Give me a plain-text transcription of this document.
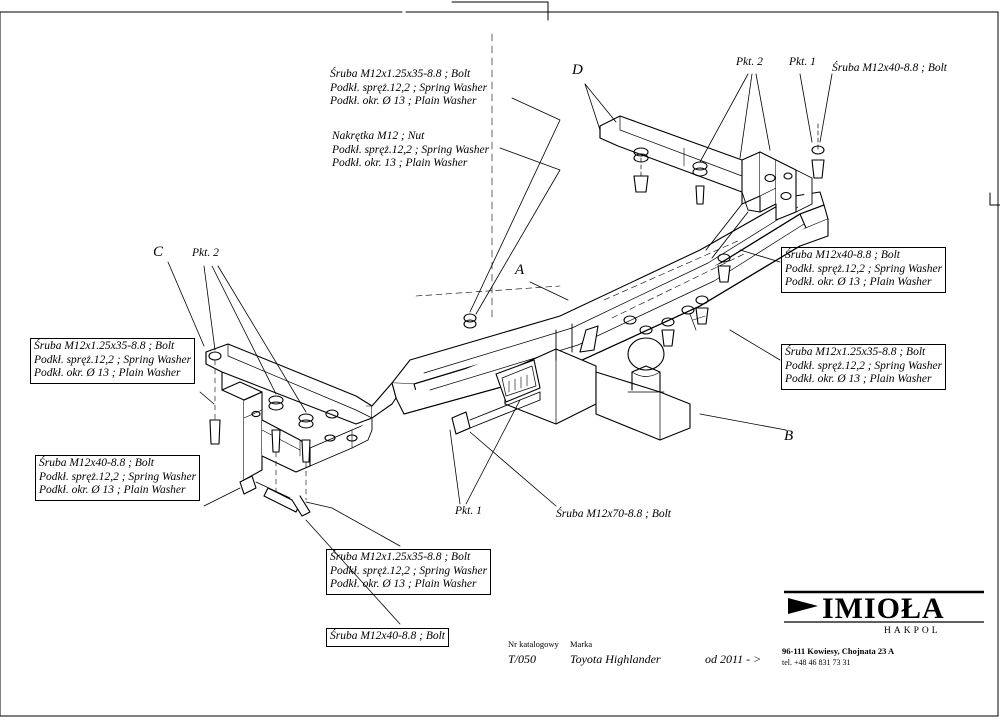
A
B
C
D	Pkt. 2 Pkt. 1
Pkt. 2
Pkt. 1
Śruba M12x1.25x35-8.8 ; Bolt
Podkł. spręż.12,2 ; Spring Washer
Podkł. okr. Ø 13 ; Plain Washer
Nakrętka M12 ; Nut
Podkł. spręż.12,2 ; Spring Washer
Podkł. okr. 13 ; Plain Washer
Śruba M12x40-8.8 ; Bolt
Śruba M12x40-8.8 ; Bolt
Podkł. spręż.12,2 ; Spring Washer
Podkł. okr. Ø 13 ; Plain Washer
Śruba M12x1.25x35-8.8 ; Bolt
Podkł. spręż.12,2 ; Spring Washer
Podkł. okr. Ø 13 ; Plain Washer
Śruba M12x1.25x35-8.8 ; Bolt
Podkł. spręż.12,2 ; Spring Washer
Podkł. okr. Ø 13 ; Plain Washer
Śruba M12x40-8.8 ; Bolt
Podkł. spręż.12,2 ; Spring Washer
Podkł. okr. Ø 13 ; Plain Washer
Śruba M12x1.25x35-8.8 ; Bolt
Podkł. spręż.12,2 ; Spring Washer
Podkł. okr. Ø 13 ; Plain Washer
Śruba M12x40-8.8 ; Bolt
Śruba M12x70-8.8 ; Bolt
Nr katalogowy
T/050
Marka
Toyota Highlander	od 2011 - >
IMIOŁA
HAKPOL
96-111 Kowiesy, Chojnata 23 A
tel. +48 46 831 73 31
